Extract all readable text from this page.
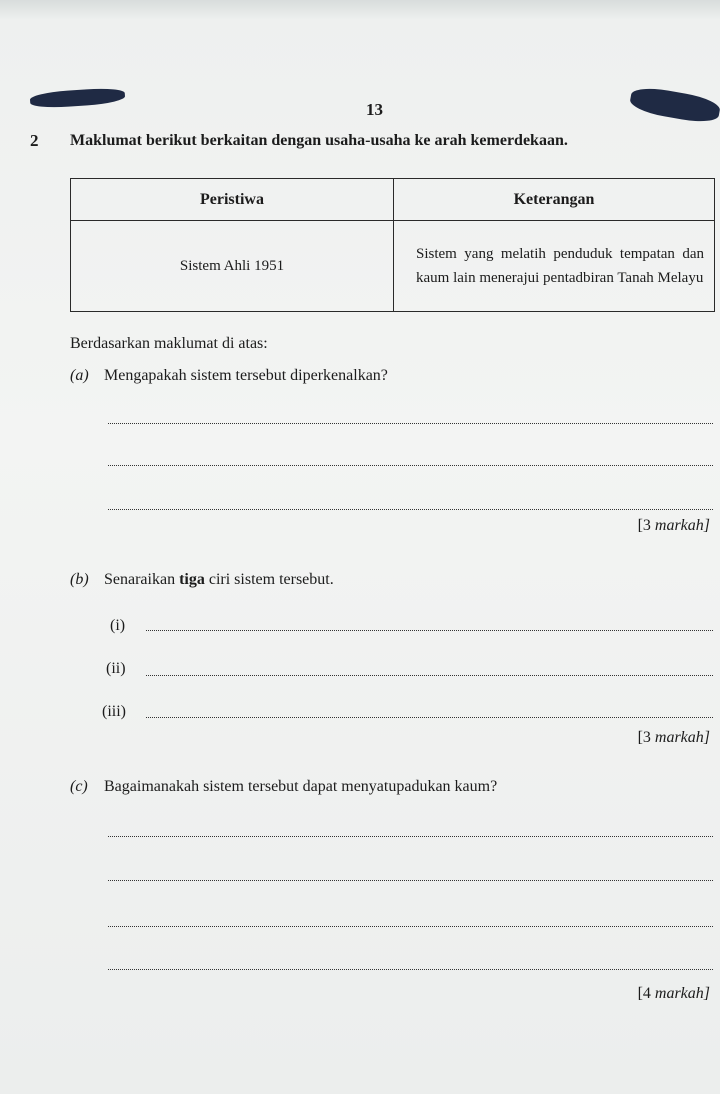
13
2 Maklumat berikut berkaitan dengan usaha-usaha ke arah kemerdekaan.
Peristiwa	Keterangan
Sistem Ahli 1951	Sistem yang melatih penduduk tempatan dan kaum lain menerajui pentadbiran Tanah Melayu
Berdasarkan maklumat di atas:
(a) Mengapakah sistem tersebut diperkenalkan?
[3 markah]
(b) Senaraikan tiga ciri sistem tersebut.
(i)
(ii)
(iii)
[3 markah]
(c) Bagaimanakah sistem tersebut dapat menyatupadukan kaum?
[4 markah]
